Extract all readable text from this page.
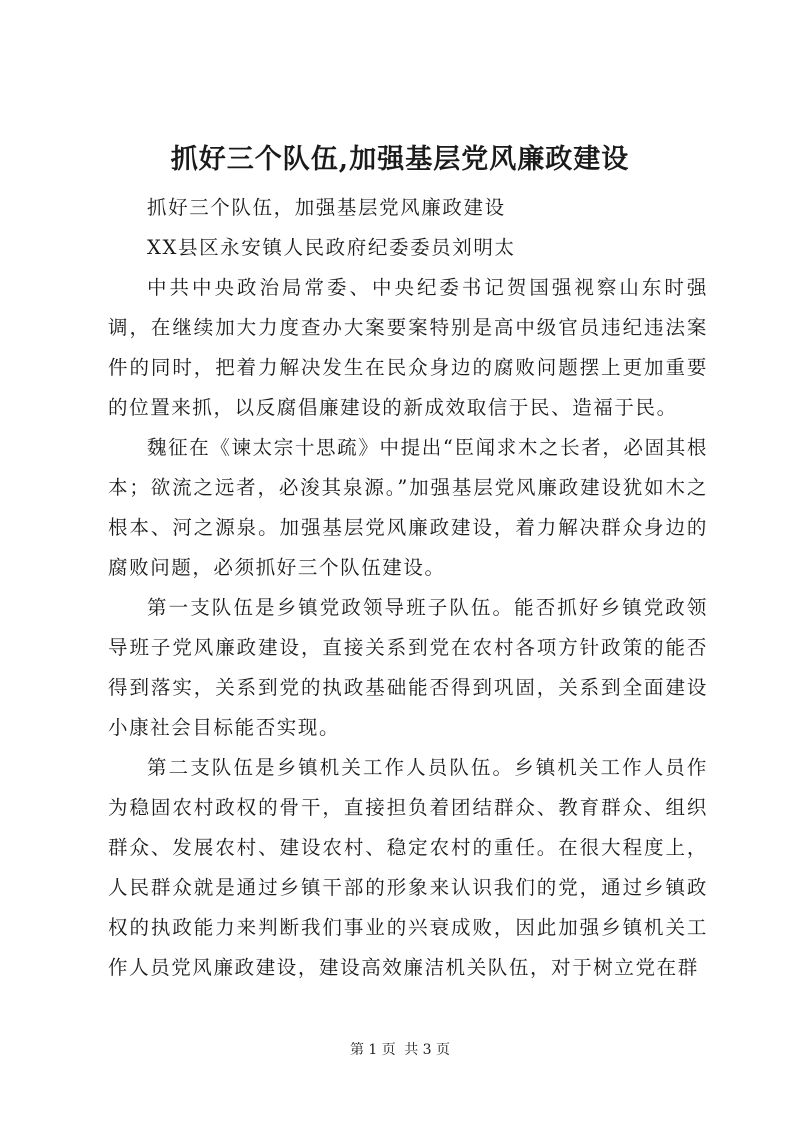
抓好三个队伍,加强基层党风廉政建设

抓好三个队伍，加强基层党风廉政建设

XX县区永安镇人民政府纪委委员刘明太

中共中央政治局常委、中央纪委书记贺国强视察山东时强调，在继续加大力度查办大案要案特别是高中级官员违纪违法案件的同时，把着力解决发生在民众身边的腐败问题摆上更加重要的位置来抓，以反腐倡廉建设的新成效取信于民、造福于民。

魏征在《谏太宗十思疏》中提出“臣闻求木之长者，必固其根本；欲流之远者，必浚其泉源。”加强基层党风廉政建设犹如木之根本、河之源泉。加强基层党风廉政建设，着力解决群众身边的腐败问题，必须抓好三个队伍建设。

第一支队伍是乡镇党政领导班子队伍。能否抓好乡镇党政领导班子党风廉政建设，直接关系到党在农村各项方针政策的能否得到落实，关系到党的执政基础能否得到巩固，关系到全面建设小康社会目标能否实现。

第二支队伍是乡镇机关工作人员队伍。乡镇机关工作人员作为稳固农村政权的骨干，直接担负着团结群众、教育群众、组织群众、发展农村、建设农村、稳定农村的重任。在很大程度上，人民群众就是通过乡镇干部的形象来认识我们的党，通过乡镇政权的执政能力来判断我们事业的兴衰成败，因此加强乡镇机关工作人员党风廉政建设，建设高效廉洁机关队伍，对于树立党在群

第 1 页 共 3 页
